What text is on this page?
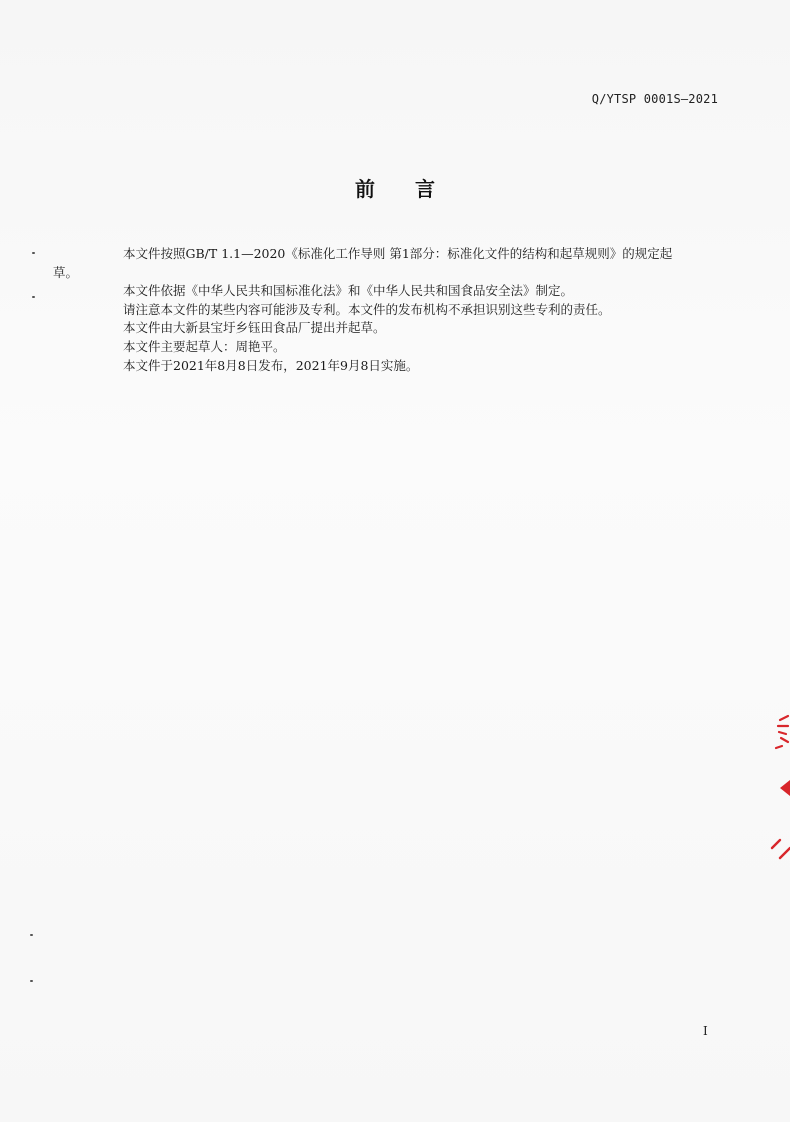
Q/YTSP 0001S—2021
前言

本文件按照GB/T 1.1—2020《标准化工作导则 第1部分：标准化文件的结构和起草规则》的规定起
草。

本文件依据《中华人民共和国标准化法》和《中华人民共和国食品安全法》制定。

请注意本文件的某些内容可能涉及专利。本文件的发布机构不承担识别这些专利的责任。

本文件由大新县宝圩乡钰田食品厂提出并起草。

本文件主要起草人：周艳平。

本文件于2021年8月8日发布，2021年9月8日实施。

I
